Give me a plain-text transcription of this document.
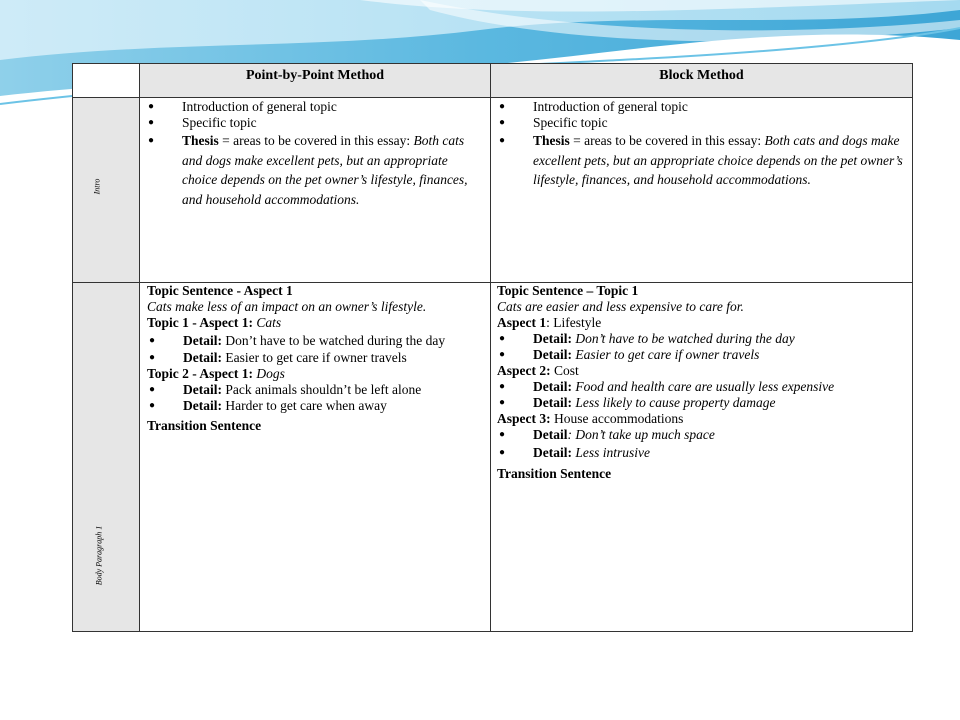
Point-by-Point Method	Block Method
Intro
● Introduction of general topic
● Specific topic
● Thesis = areas to be covered in this essay: Both cats and dogs make excellent pets, but an appropriate choice depends on the pet owner’s lifestyle, finances, and household accommodations.
● Introduction of general topic
● Specific topic
● Thesis = areas to be covered in this essay: Both cats and dogs make excellent pets, but an appropriate choice depends on the pet owner’s lifestyle, finances, and household accommodations.
Body Paragraph 1

Topic Sentence - Aspect 1

Cats make less of an impact on an owner’s lifestyle.

Topic 1 - Aspect 1: Cats

● Detail: Don’t have to be watched during the day
● Detail: Easier to get care if owner travels

Topic 2 - Aspect 1: Dogs

● Detail: Pack animals shouldn’t be left alone
● Detail: Harder to get care when away

Transition Sentence

Topic Sentence – Topic 1

Cats are easier and less expensive to care for.

Aspect 1: Lifestyle

● Detail: Don’t have to be watched during the day
● Detail: Easier to get care if owner travels

Aspect 2: Cost

● Detail: Food and health care are usually less expensive
● Detail: Less likely to cause property damage

Aspect 3: House accommodations

● Detail: Don’t take up much space
● Detail: Less intrusive

Transition Sentence
